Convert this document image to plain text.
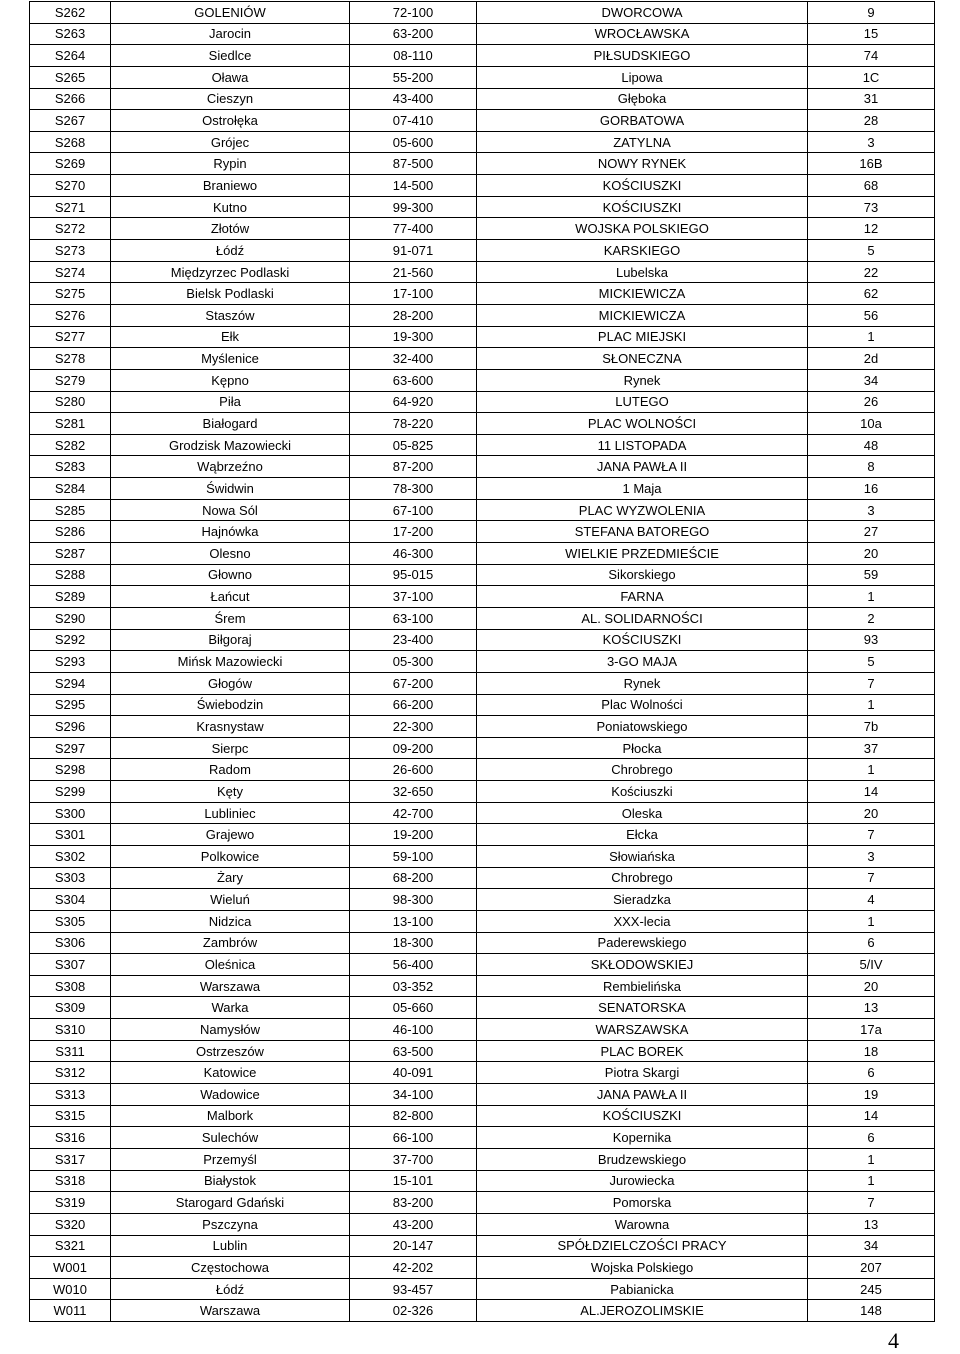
S262	GOLENIÓW	72-100	DWORCOWA	9
S263	Jarocin	63-200	WROCŁAWSKA	15
S264	Siedlce	08-110	PIŁSUDSKIEGO	74
S265	Oława	55-200	Lipowa	1C
S266	Cieszyn	43-400	Głęboka	31
S267	Ostrołęka	07-410	GORBATOWA	28
S268	Grójec	05-600	ZATYLNA	3
S269	Rypin	87-500	NOWY RYNEK	16B
S270	Braniewo	14-500	KOŚCIUSZKI	68
S271	Kutno	99-300	KOŚCIUSZKI	73
S272	Złotów	77-400	WOJSKA POLSKIEGO	12
S273	Łódź	91-071	KARSKIEGO	5
S274	Międzyrzec Podlaski	21-560	Lubelska	22
S275	Bielsk Podlaski	17-100	MICKIEWICZA	62
S276	Staszów	28-200	MICKIEWICZA	56
S277	Ełk	19-300	PLAC MIEJSKI	1
S278	Myślenice	32-400	SŁONECZNA	2d
S279	Kępno	63-600	Rynek	34
S280	Piła	64-920	LUTEGO	26
S281	Białogard	78-220	PLAC WOLNOŚCI	10a
S282	Grodzisk Mazowiecki	05-825	11 LISTOPADA	48
S283	Wąbrzeźno	87-200	JANA PAWŁA II	8
S284	Świdwin	78-300	1 Maja	16
S285	Nowa Sól	67-100	PLAC WYZWOLENIA	3
S286	Hajnówka	17-200	STEFANA BATOREGO	27
S287	Olesno	46-300	WIELKIE PRZEDMIEŚCIE	20
S288	Głowno	95-015	Sikorskiego	59
S289	Łańcut	37-100	FARNA	1
S290	Śrem	63-100	AL. SOLIDARNOŚCI	2
S292	Biłgoraj	23-400	KOŚCIUSZKI	93
S293	Mińsk Mazowiecki	05-300	3-GO MAJA	5
S294	Głogów	67-200	Rynek	7
S295	Świebodzin	66-200	Plac Wolności	1
S296	Krasnystaw	22-300	Poniatowskiego	7b
S297	Sierpc	09-200	Płocka	37
S298	Radom	26-600	Chrobrego	1
S299	Kęty	32-650	Kościuszki	14
S300	Lubliniec	42-700	Oleska	20
S301	Grajewo	19-200	Ełcka	7
S302	Polkowice	59-100	Słowiańska	3
S303	Żary	68-200	Chrobrego	7
S304	Wieluń	98-300	Sieradzka	4
S305	Nidzica	13-100	XXX-lecia	1
S306	Zambrów	18-300	Paderewskiego	6
S307	Oleśnica	56-400	SKŁODOWSKIEJ	5/IV
S308	Warszawa	03-352	Rembielińska	20
S309	Warka	05-660	SENATORSKA	13
S310	Namysłów	46-100	WARSZAWSKA	17a
S311	Ostrzeszów	63-500	PLAC BOREK	18
S312	Katowice	40-091	Piotra Skargi	6
S313	Wadowice	34-100	JANA PAWŁA II	19
S315	Malbork	82-800	KOŚCIUSZKI	14
S316	Sulechów	66-100	Kopernika	6
S317	Przemyśl	37-700	Brudzewskiego	1
S318	Białystok	15-101	Jurowiecka	1
S319	Starogard Gdański	83-200	Pomorska	7
S320	Pszczyna	43-200	Warowna	13
S321	Lublin	20-147	SPÓŁDZIELCZOŚCI PRACY	34
W001	Częstochowa	42-202	Wojska Polskiego	207
W010	Łódź	93-457	Pabianicka	245
W011	Warszawa	02-326	AL.JEROZOLIMSKIE	148
4
